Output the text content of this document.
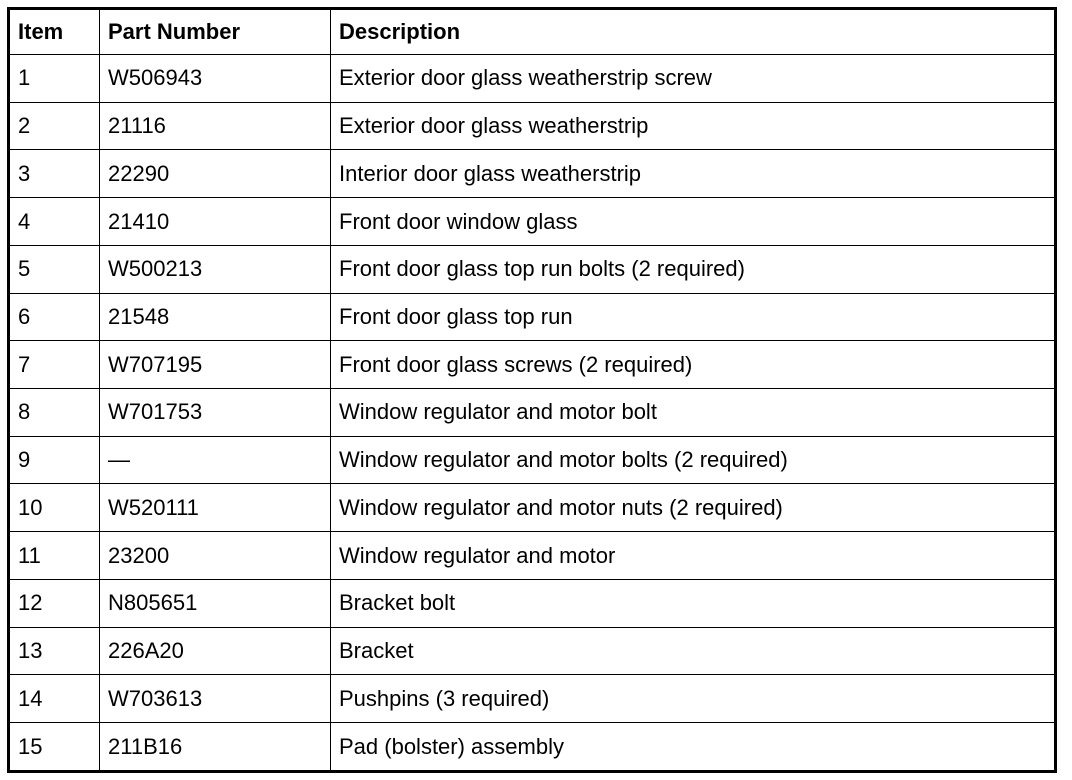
Item	Part Number	Description
1	W506943	Exterior door glass weatherstrip screw
2	21116	Exterior door glass weatherstrip
3	22290	Interior door glass weatherstrip
4	21410	Front door window glass
5	W500213	Front door glass top run bolts (2 required)
6	21548	Front door glass top run
7	W707195	Front door glass screws (2 required)
8	W701753	Window regulator and motor bolt
9	—	Window regulator and motor bolts (2 required)
10	W520111	Window regulator and motor nuts (2 required)
11	23200	Window regulator and motor
12	N805651	Bracket bolt
13	226A20	Bracket
14	W703613	Pushpins (3 required)
15	211B16	Pad (bolster) assembly
